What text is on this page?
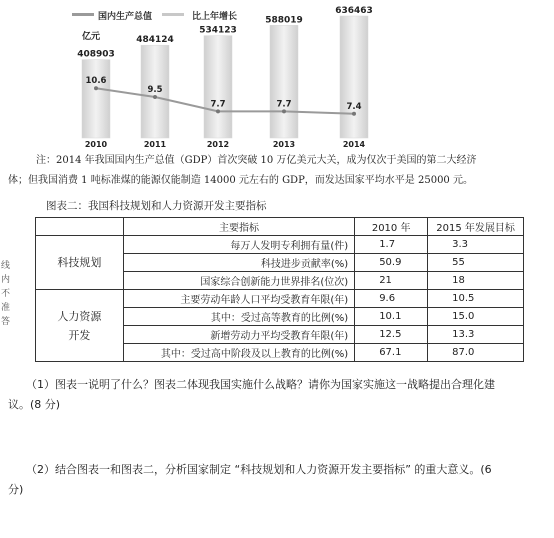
国内生产总值	比上年增长
亿元
408903
2010
484124
2011
534123
2012
588019
2013
636463
2014
10.6
9.5
7.7	7.7	7.4
注：2014 年我国国内生产总值（GDP）首次突破 10 万亿美元大关，成为仅次于美国的第二大经济
体；但我国消费 1 吨标准煤的能源仅能制造 14000 元左右的 GDP，而发达国家平均水平是 25000 元。
图表二：我国科技规划和人力资源开发主要指标
	主要指标	2010 年	2015 年发展目标
科技规划	每万人发明专利拥有量(件)	1.7	3.3
	科技进步贡献率(%)	50.9	55
	国家综合创新能力世界排名(位次)	21	18

人力资源
开发	主要劳动年龄人口平均受教育年限(年)	9.6	10.5
	其中：受过高等教育的比例(%)	10.1	15.0
	新增劳动力平均受教育年限(年)	12.5	13.3
	其中：受过高中阶段及以上教育的比例(%)	67.1	87.0
（1）图表一说明了什么？图表二体现我国实施什么战略？请你为国家实施这一战略提出合理化建
议。(8 分)
（2）结合图表一和图表二，分析国家制定 “科技规划和人力资源开发主要指标” 的重大意义。(6
分)
线
内
不
准
答
